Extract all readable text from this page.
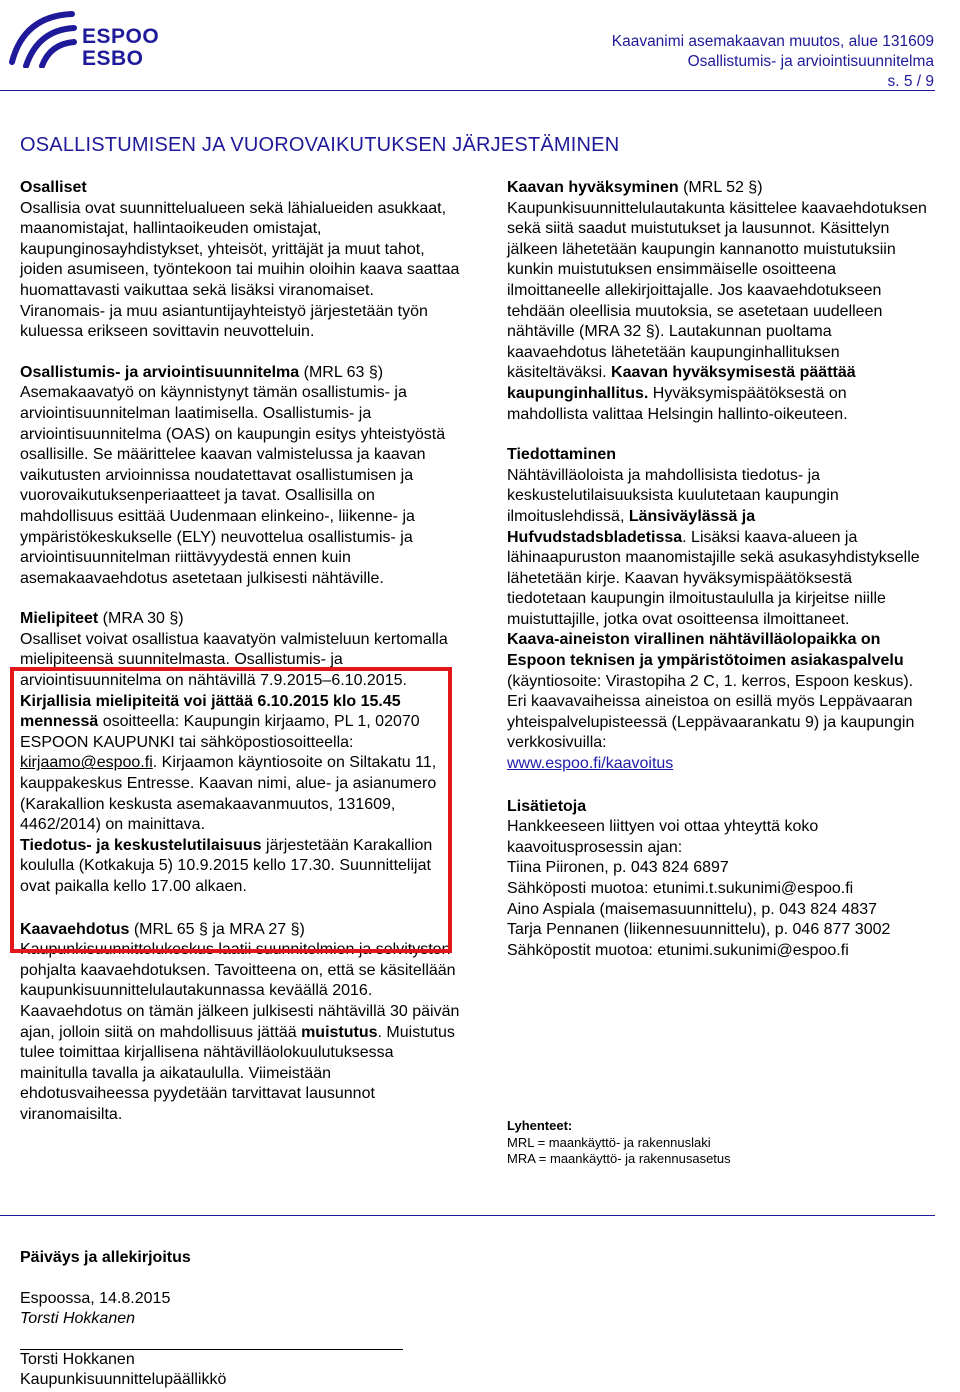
ESPOO
ESBO
Kaavanimi asemakaavan muutos, alue 131609
Osallistumis- ja arviointisuunnitelma
s. 5 / 9
OSALLISTUMISEN JA VUOROVAIKUTUKSEN JÄRJESTÄMINEN

Osalliset

Osallisia ovat suunnittelualueen sekä lähialueiden asukkaat, maanomistajat, hallintaoikeuden omistajat, kaupunginosayhdistykset, yhteisöt, yrittäjät ja muut tahot, joiden asumiseen, työntekoon tai muihin oloihin kaava saattaa huomattavasti vaikuttaa sekä lisäksi viranomaiset. Viranomais- ja muu asiantuntijayhteistyö järjestetään työn kuluessa erikseen sovittavin neuvotteluin.

Osallistumis- ja arviointisuunnitelma (MRL 63 §)

Asemakaavatyö on käynnistynyt tämän osallistumis- ja arviointisuunnitelman laatimisella. Osallistumis- ja arviointisuunnitelma (OAS) on kaupungin esitys yhteistyöstä osallisille. Se määrittelee kaavan valmistelussa ja kaavan vaikutusten arvioinnissa noudatettavat osallistumisen ja vuorovaikutuksenperiaatteet ja tavat. Osallisilla on mahdollisuus esittää Uudenmaan elinkeino-, liikenne- ja ympäristökeskukselle (ELY) neuvottelua osallistumis- ja arviointisuunnitelman riittävyydestä ennen kuin asemakaavaehdotus asetetaan julkisesti nähtäville.

Mielipiteet (MRA 30 §)

Osalliset voivat osallistua kaavatyön valmisteluun kertomalla mielipiteensä suunnitelmasta. Osallistumis- ja arviointisuunnitelma on nähtävillä 7.9.2015–6.10.2015. Kirjallisia mielipiteitä voi jättää 6.10.2015 klo 15.45 mennessä osoitteella: Kaupungin kirjaamo, PL 1, 02070 ESPOON KAUPUNKI tai sähköpostiosoitteella: kirjaamo@espoo.fi. Kirjaamon käyntiosoite on Siltakatu 11, kauppakeskus Entresse. Kaavan nimi, alue- ja asianumero (Karakallion keskusta asemakaavanmuutos, 131609, 4462/2014) on mainittava.

Tiedotus- ja keskustelutilaisuus järjestetään Karakallion koululla (Kotkakuja 5) 10.9.2015 kello 17.30. Suunnittelijat ovat paikalla kello 17.00 alkaen.

Kaavaehdotus (MRL 65 § ja MRA 27 §)

Kaupunkisuunnittelukeskus laatii suunnitelmien ja selvitysten pohjalta kaavaehdotuksen. Tavoitteena on, että se käsitellään kaupunkisuunnittelulautakunnassa keväällä 2016. Kaavaehdotus on tämän jälkeen julkisesti nähtävillä 30 päivän ajan, jolloin siitä on mahdollisuus jättää muistutus. Muistutus tulee toimittaa kirjallisena nähtävilläolokuulutuksessa mainitulla tavalla ja aikataululla. Viimeistään ehdotusvaiheessa pyydetään tarvittavat lausunnot viranomaisilta.

Kaavan hyväksyminen (MRL 52 §)

Kaupunkisuunnittelulautakunta käsittelee kaavaehdotuksen sekä siitä saadut muistutukset ja lausunnot. Käsittelyn jälkeen lähetetään kaupungin kannanotto muistutuksiin kunkin muistutuksen ensimmäiselle osoitteena ilmoittaneelle allekirjoittajalle. Jos kaavaehdotukseen tehdään oleellisia muutoksia, se asetetaan uudelleen nähtäville (MRA 32 §). Lautakunnan puoltama kaavaehdotus lähetetään kaupunginhallituksen käsiteltäväksi. Kaavan hyväksymisestä päättää kaupunginhallitus. Hyväksymispäätöksestä on mahdollista valittaa Helsingin hallinto-oikeuteen.

Tiedottaminen

Nähtävilläoloista ja mahdollisista tiedotus- ja keskustelutilaisuuksista kuulutetaan kaupungin ilmoituslehdissä, Länsiväylässä ja Hufvudstadsbladetissa. Lisäksi kaava-alueen ja lähinaapuruston maanomistajille sekä asukasyhdistykselle lähetetään kirje. Kaavan hyväksymispäätöksestä tiedotetaan kaupungin ilmoitustaululla ja kirjeitse niille muistuttajille, jotka ovat osoitteensa ilmoittaneet.

Kaava-aineiston virallinen nähtävilläolopaikka on Espoon teknisen ja ympäristötoimen asiakaspalvelu (käyntiosoite: Virastopiha 2 C, 1. kerros, Espoon keskus). Eri kaavavaiheissa aineistoa on esillä myös Leppävaaran yhteispalvelupisteessä (Leppävaarankatu 9) ja kaupungin verkkosivuilla:

www.espoo.fi/kaavoitus

Lisätietoja

Hankkeeseen liittyen voi ottaa yhteyttä koko kaavoitusprosessin ajan:

Tiina Piironen, p. 043 824 6897

Sähköposti muotoa: etunimi.t.sukunimi@espoo.fi

Aino Aspiala (maisemasuunnittelu), p. 043 824 4837

Tarja Pennanen (liikennesuunnittelu), p. 046 877 3002

Sähköpostit muotoa: etunimi.sukunimi@espoo.fi

Lyhenteet:
MRL = maankäyttö- ja rakennuslaki
MRA = maankäyttö- ja rakennusasetus

Päiväys ja allekirjoitus

Espoossa, 14.8.2015

Torsti Hokkanen

Torsti Hokkanen

Kaupunkisuunnittelupäällikkö
